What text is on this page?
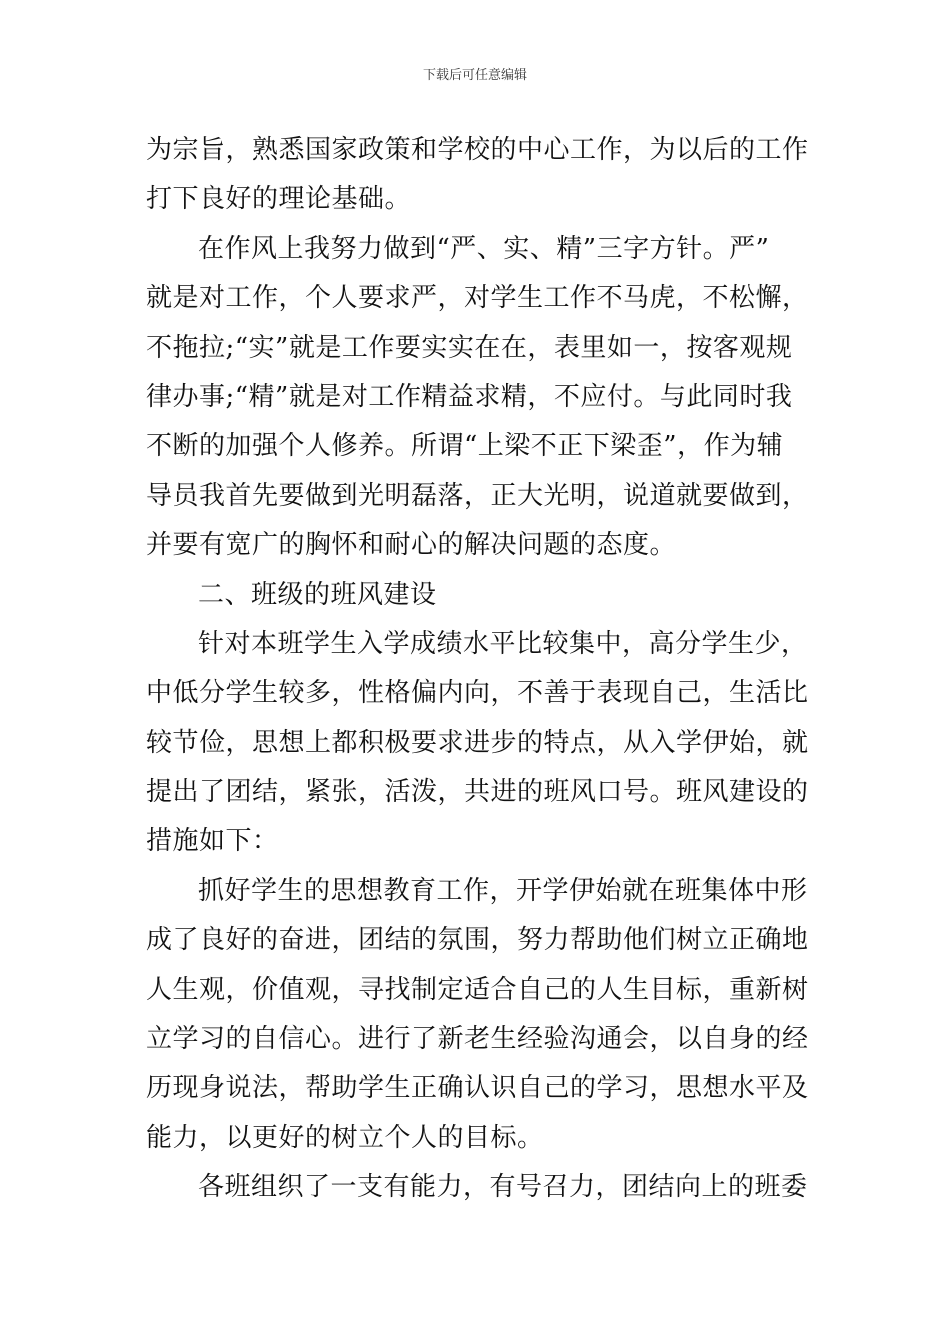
下载后可任意编辑
为宗旨，熟悉国家政策和学校的中心工作，为以后的工作
打下良好的理论基础。
在作风上我努力做到“严、实、精”三字方针。严”
就是对工作，个人要求严，对学生工作不马虎，不松懈，
不拖拉;“实”就是工作要实实在在，表里如一，按客观规
律办事;“精”就是对工作精益求精，不应付。与此同时我
不断的加强个人修养。所谓“上梁不正下梁歪”，作为辅
导员我首先要做到光明磊落，正大光明，说道就要做到，
并要有宽广的胸怀和耐心的解决问题的态度。
二、班级的班风建设
针对本班学生入学成绩水平比较集中，高分学生少，
中低分学生较多，性格偏内向，不善于表现自己，生活比
较节俭，思想上都积极要求进步的特点，从入学伊始，就
提出了团结，紧张，活泼，共进的班风口号。班风建设的
措施如下：
抓好学生的思想教育工作，开学伊始就在班集体中形
成了良好的奋进，团结的氛围，努力帮助他们树立正确地
人生观，价值观，寻找制定适合自己的人生目标，重新树
立学习的自信心。进行了新老生经验沟通会，以自身的经
历现身说法，帮助学生正确认识自己的学习，思想水平及
能力，以更好的树立个人的目标。
各班组织了一支有能力，有号召力，团结向上的班委
